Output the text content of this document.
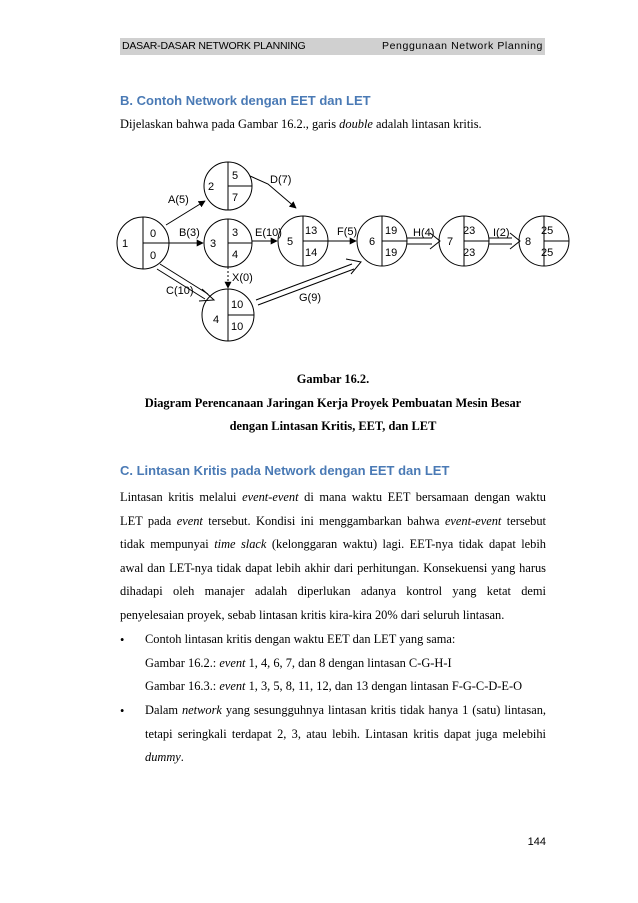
DASAR-DASAR NETWORK PLANNING	Penggunaan Network Planning
B. Contoh Network dengan EET dan LET
Dijelaskan bahwa pada Gambar 16.2., garis double adalah lintasan kritis.
1
0
0
2
5
7
3
3
4
4
10
10
5
13
14
6
19
19
7
23
23
8
25
25
A(5)
B(3)
C(10)
D(7)
E(10)
X(0)
F(5)
G(9)
H(4)	I(2)
Gambar 16.2.
Diagram Perencanaan Jaringan Kerja Proyek Pembuatan Mesin Besar
dengan Lintasan Kritis, EET, dan LET
C. Lintasan Kritis pada Network dengan EET dan LET
Lintasan kritis melalui event-event di mana waktu EET bersamaan dengan waktu LET pada event tersebut. Kondisi ini menggambarkan bahwa event-event tersebut tidak mempunyai time slack (kelonggaran waktu) lagi. EET-nya tidak dapat lebih awal dan LET-nya tidak dapat lebih akhir dari perhitungan. Konsekuensi yang harus dihadapi oleh manajer adalah diperlukan adanya kontrol yang ketat demi penyelesaian proyek, sebab lintasan kritis kira-kira 20% dari seluruh lintasan.
• Contoh lintasan kritis dengan waktu EET dan LET yang sama:
Gambar 16.2.: event 1, 4, 6, 7, dan 8 dengan lintasan C-G-H-I
Gambar 16.3.: event 1, 3, 5, 8, 11, 12, dan 13 dengan lintasan F-G-C-D-E-O
• Dalam network yang sesungguhnya lintasan kritis tidak hanya 1 (satu) lintasan, tetapi seringkali terdapat 2, 3, atau lebih. Lintasan kritis dapat juga melebihi dummy.
144
